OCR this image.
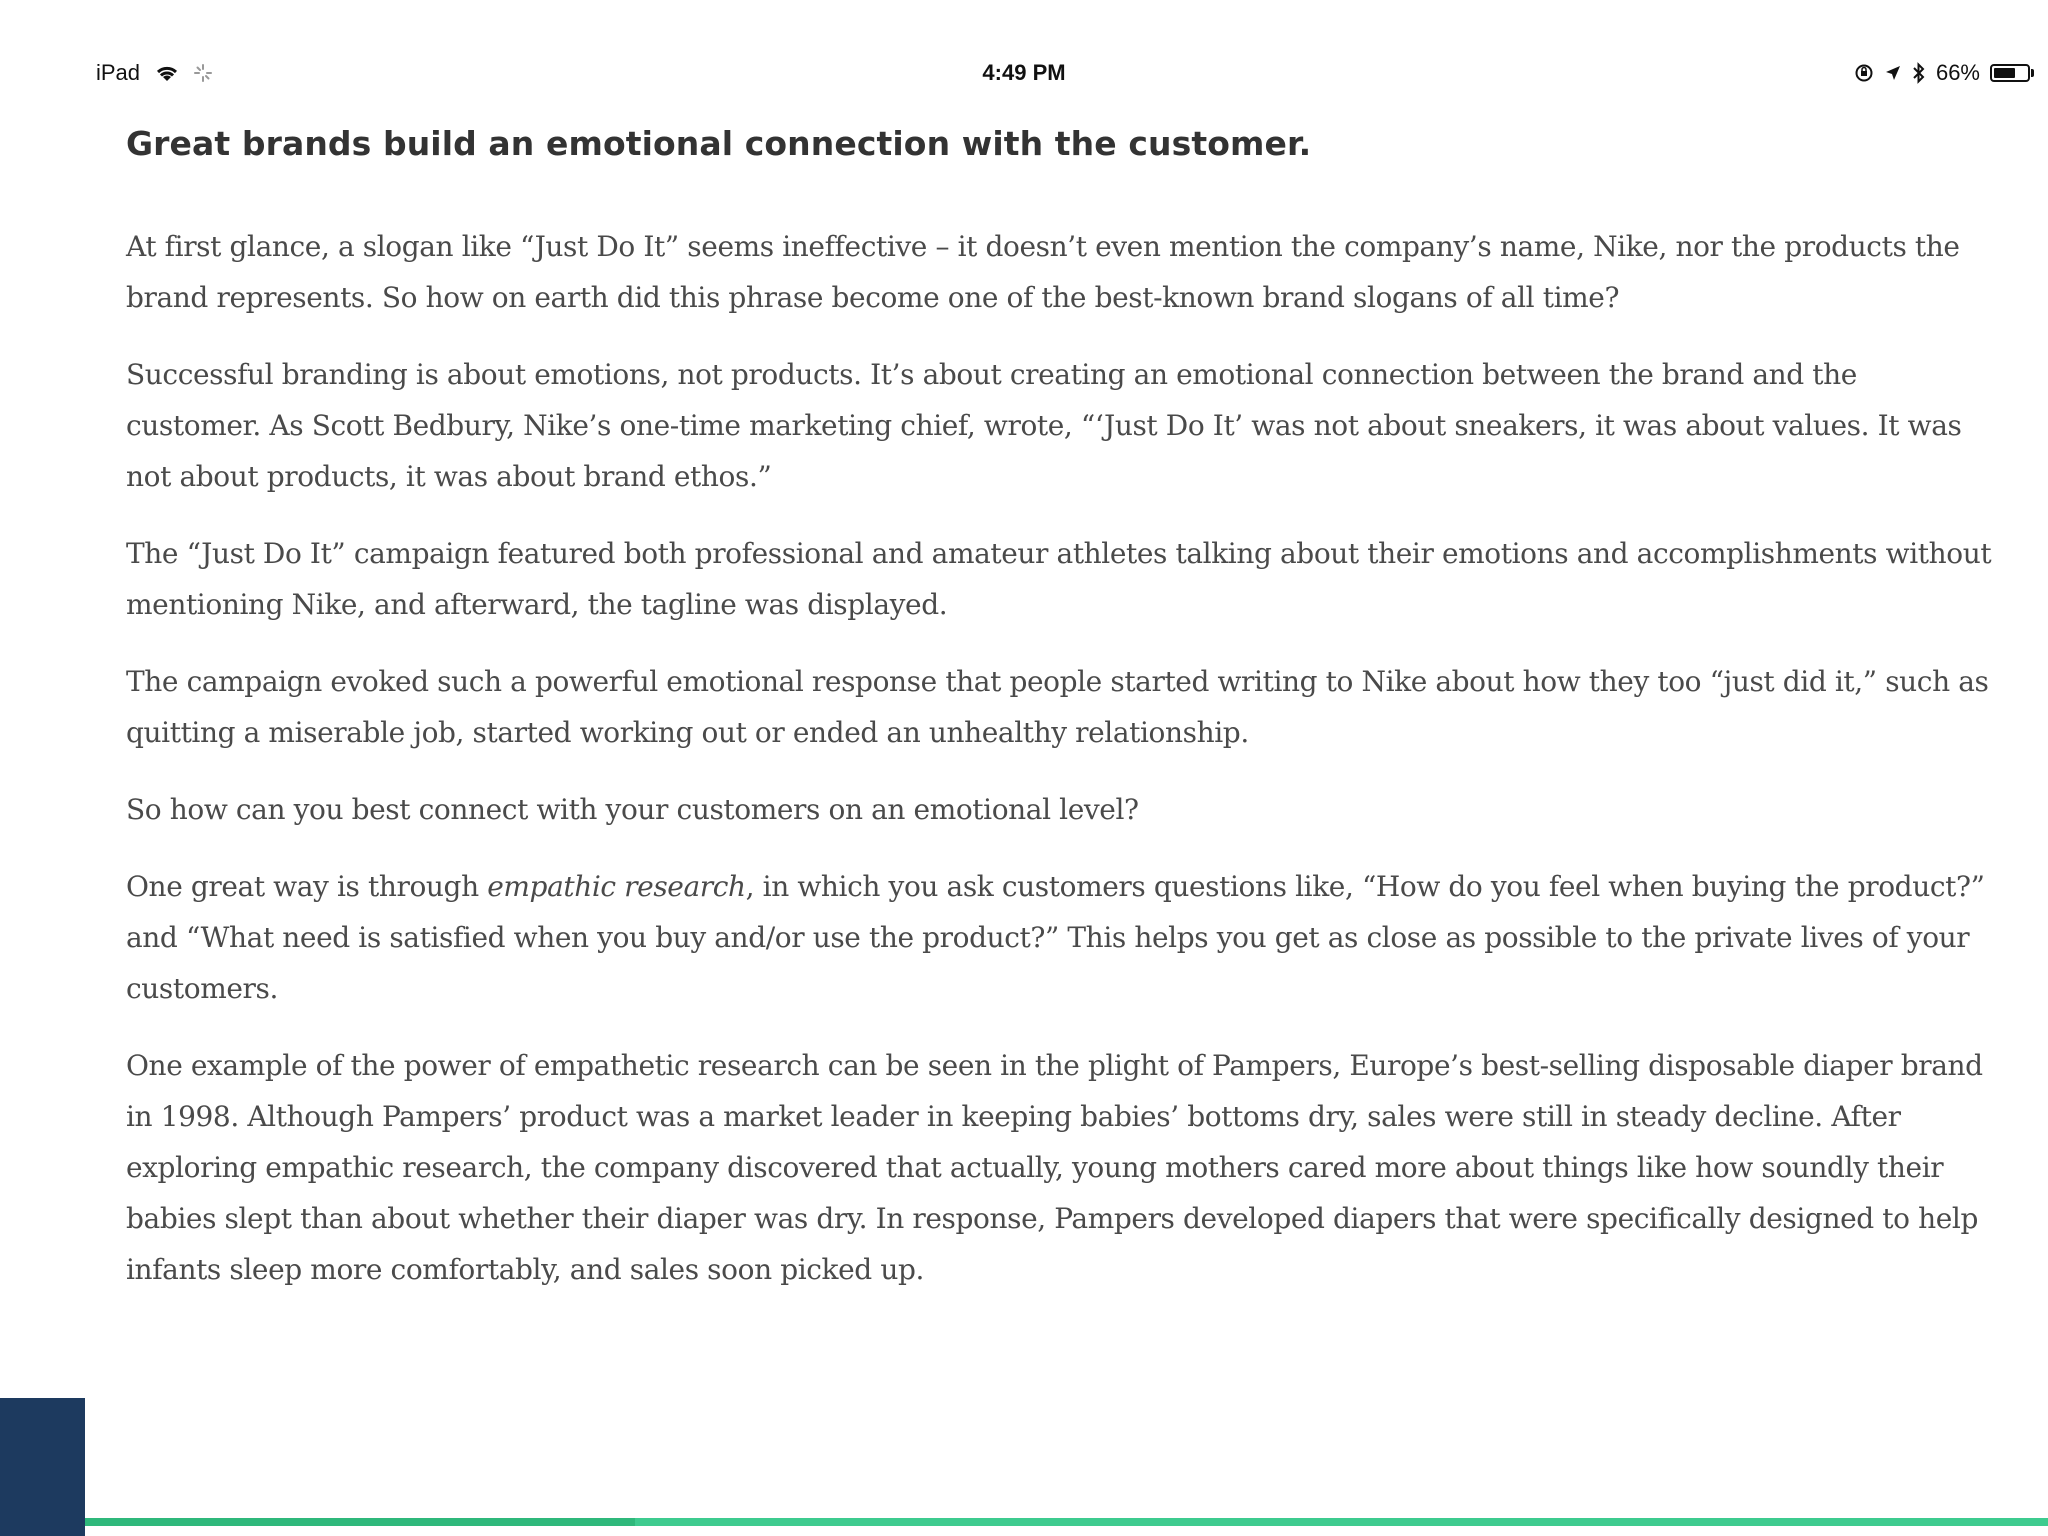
iPad	4:49 PM	66%
Great brands build an emotional connection with the customer.

At first glance, a slogan like “Just Do It” seems ineffective – it doesn’t even mention the company’s name, Nike, nor the products the brand represents. So how on earth did this phrase become one of the best-known brand slogans of all time?

Successful branding is about emotions, not products. It’s about creating an emotional connection between the brand and the customer. As Scott Bedbury, Nike’s one-time marketing chief, wrote, “‘Just Do It’ was not about sneakers, it was about values. It was not about products, it was about brand ethos.”

The “Just Do It” campaign featured both professional and amateur athletes talking about their emotions and accomplishments without mentioning Nike, and afterward, the tagline was displayed.

The campaign evoked such a powerful emotional response that people started writing to Nike about how they too “just did it,” such as quitting a miserable job, started working out or ended an unhealthy relationship.

So how can you best connect with your customers on an emotional level?

One great way is through empathic research, in which you ask customers questions like, “How do you feel when buying the product?” and “What need is satisfied when you buy and/or use the product?” This helps you get as close as possible to the private lives of your customers.

One example of the power of empathetic research can be seen in the plight of Pampers, Europe’s best-selling disposable diaper brand in 1998. Although Pampers’ product was a market leader in keeping babies’ bottoms dry, sales were still in steady decline. After exploring empathic research, the company discovered that actually, young mothers cared more about things like how soundly their babies slept than about whether their diaper was dry. In response, Pampers developed diapers that were specifically designed to help infants sleep more comfortably, and sales soon picked up.
